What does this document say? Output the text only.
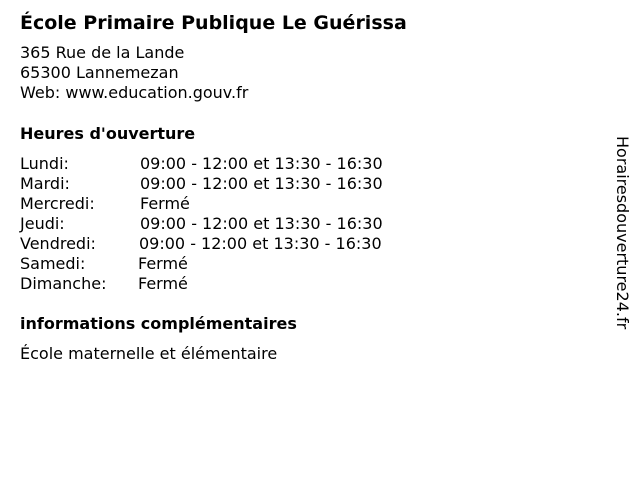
École Primaire Publique Le Guérissa
365 Rue de la Lande
65300 Lannemezan
Web: www.education.gouv.fr
Heures d'ouverture
Lundi:	09:00 - 12:00 et 13:30 - 16:30
Mardi:	09:00 - 12:00 et 13:30 - 16:30
Mercredi:	Fermé
Jeudi:	09:00 - 12:00 et 13:30 - 16:30
Vendredi:	09:00 - 12:00 et 13:30 - 16:30
Samedi:	Fermé
Dimanche: Fermé
informations complémentaires
École maternelle et élémentaire
Horairesdouverture24.fr
